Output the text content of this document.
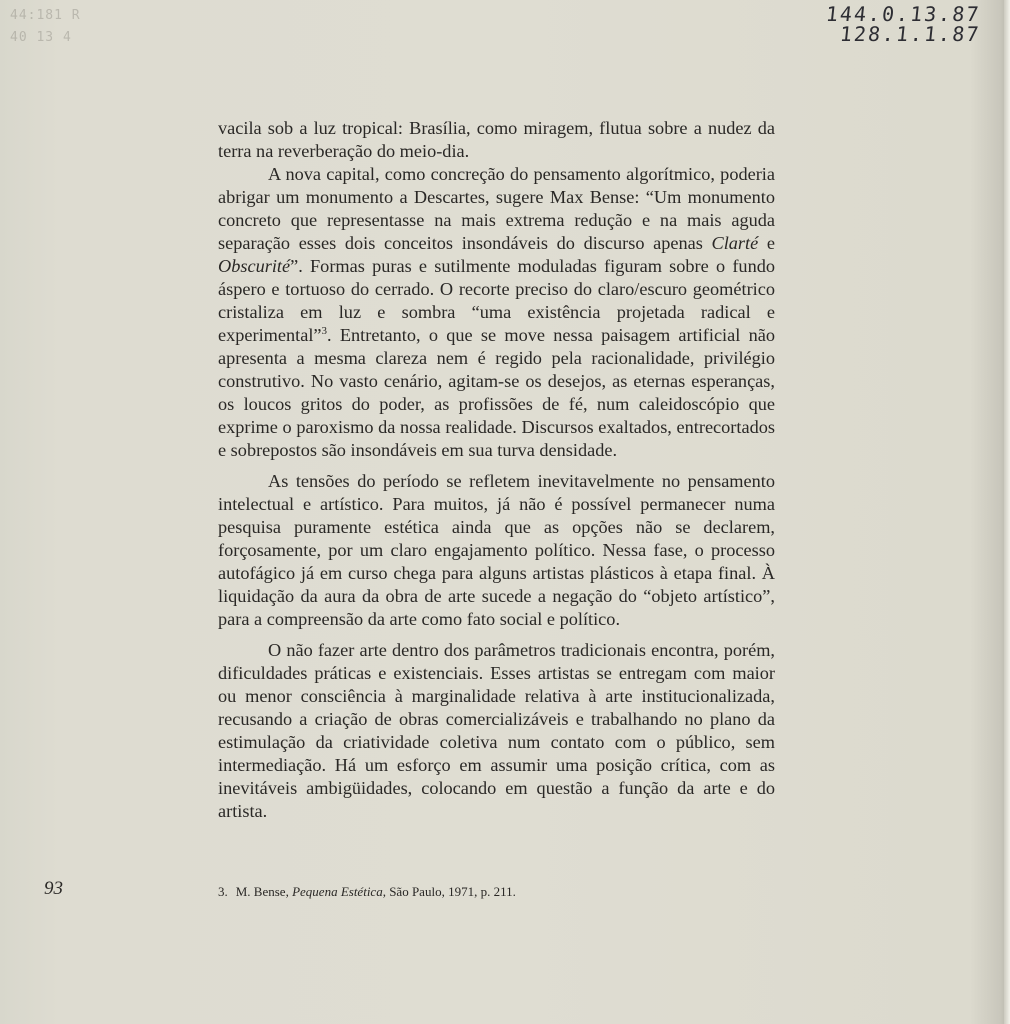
44:181 R
40 13 4
144.0.13.87
128.1.1.87

vacila sob a luz tropical: Brasília, como miragem, flutua sobre a nudez da terra na reverberação do meio-dia.

A nova capital, como concreção do pensamento algorítmico, poderia abrigar um monumento a Descartes, sugere Max Bense: “Um monumento concreto que representasse na mais extrema redução e na mais aguda separação esses dois conceitos insondáveis do discurso apenas Clarté e Obscurité”. Formas puras e sutilmente moduladas figuram sobre o fundo áspero e tortuoso do cerrado. O recorte preciso do claro/escuro geométrico cristaliza em luz e sombra “uma existência projetada radical e experimental”$^3$. Entretanto, o que se move nessa paisagem artificial não apresenta a mesma clareza nem é regido pela racionalidade, privilégio construtivo. No vasto cenário, agitam-se os desejos, as eternas esperanças, os loucos gritos do poder, as profissões de fé, num caleidoscópio que exprime o paroxismo da nossa realidade. Discursos exaltados, entrecortados e sobrepostos são insondáveis em sua turva densidade.

As tensões do período se refletem inevitavelmente no pensamento intelectual e artístico. Para muitos, já não é possível permanecer numa pesquisa puramente estética ainda que as opções não se declarem, forçosamente, por um claro engajamento político. Nessa fase, o processo autofágico já em curso chega para alguns artistas plásticos à etapa final. À liquidação da aura da obra de arte sucede a negação do “objeto artístico”, para a compreensão da arte como fato social e político.

O não fazer arte dentro dos parâmetros tradicionais encontra, porém, dificuldades práticas e existenciais. Esses artistas se entregam com maior ou menor consciência à marginalidade relativa à arte institucionalizada, recusando a criação de obras comercializáveis e trabalhando no plano da estimulação da criatividade coletiva num contato com o público, sem intermediação. Há um esforço em assumir uma posição crítica, com as inevitáveis ambigüidades, colocando em questão a função da arte e do artista.

93	3. M. Bense, Pequena Estética, São Paulo, 1971, p. 211.
